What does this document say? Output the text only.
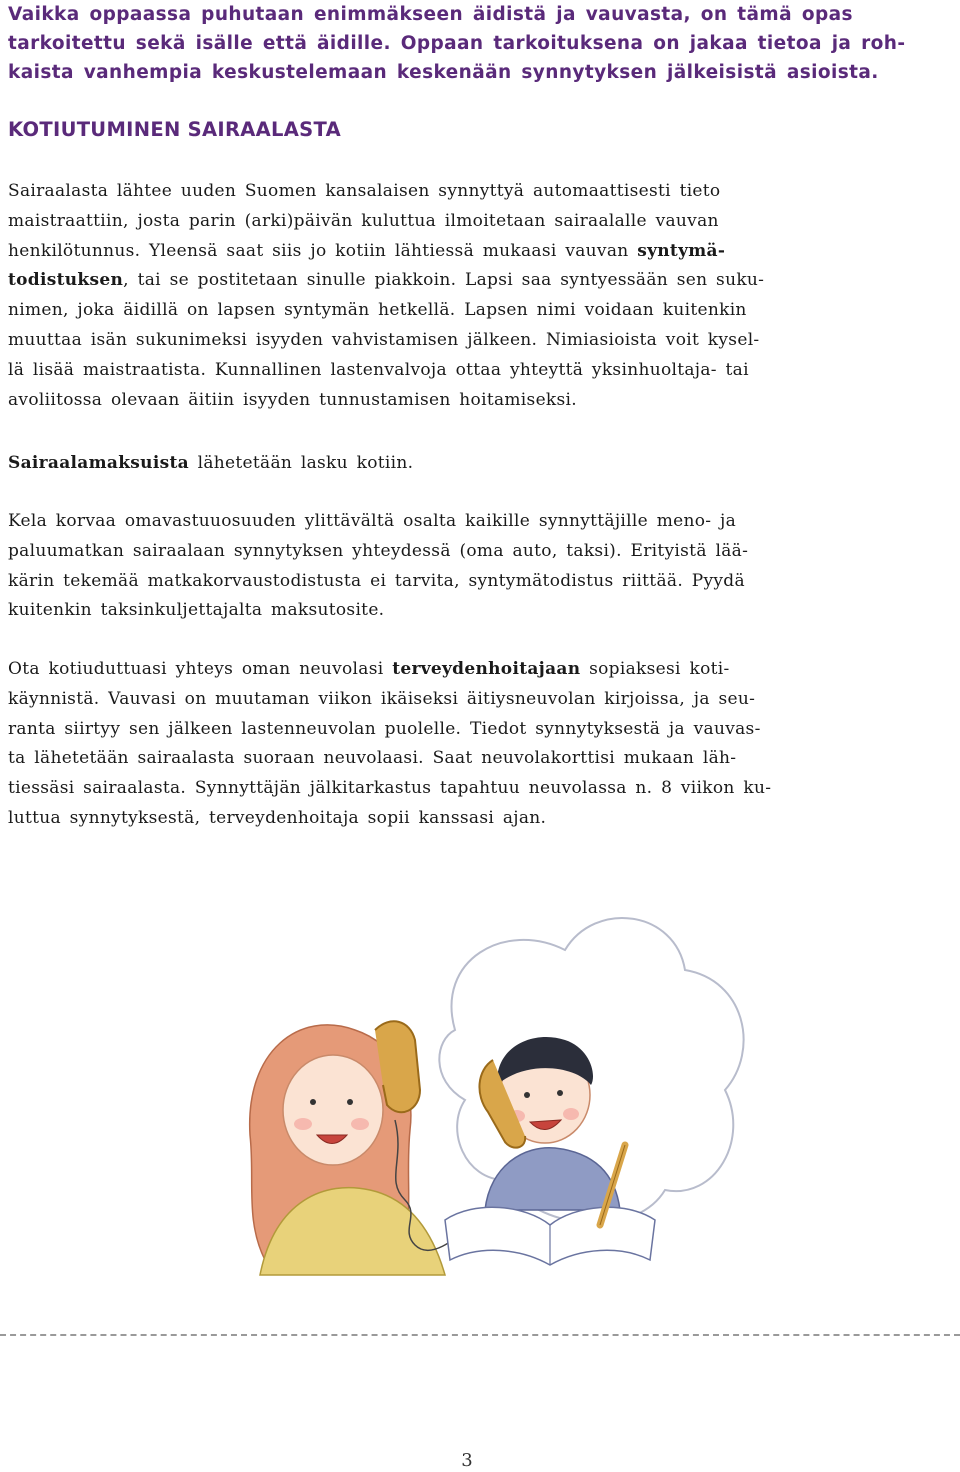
Vaikka oppaassa puhutaan enimmäkseen äidistä ja vauvasta, on tämä opas
tarkoitettu sekä isälle että äidille. Oppaan tarkoituksena on jakaa tietoa ja roh-
kaista vanhempia keskustelemaan keskenään synnytyksen jälkeisistä asioista.
KOTIUTUMINEN SAIRAALASTA
Sairaalasta lähtee uuden Suomen kansalaisen synnyttyä automaattisesti tieto
maistraattiin, josta parin (arki)päivän kuluttua ilmoitetaan sairaalalle vauvan
henkilötunnus. Yleensä saat siis jo kotiin lähtiessä mukaasi vauvan syntymä-
todistuksen, tai se postitetaan sinulle piakkoin. Lapsi saa syntyessään sen suku-
nimen, joka äidillä on lapsen syntymän hetkellä. Lapsen nimi voidaan kuitenkin
muuttaa isän sukunimeksi isyyden vahvistamisen jälkeen. Nimiasioista voit kysel-
lä lisää maistraatista. Kunnallinen lastenvalvoja ottaa yhteyttä yksinhuoltaja- tai
avoliitossa olevaan äitiin isyyden tunnustamisen hoitamiseksi.
Sairaalamaksuista lähetetään lasku kotiin.
Kela korvaa omavastuuosuuden ylittävältä osalta kaikille synnyttäjille meno- ja
paluumatkan sairaalaan synnytyksen yhteydessä (oma auto, taksi). Erityistä lää-
kärin tekemää matkakorvaustodistusta ei tarvita, syntymätodistus riittää. Pyydä
kuitenkin taksinkuljettajalta maksutosite.
Ota kotiuduttuasi yhteys oman neuvolasi terveydenhoitajaan sopiaksesi koti-
käynnistä. Vauvasi on muutaman viikon ikäiseksi äitiysneuvolan kirjoissa, ja seu-
ranta siirtyy sen jälkeen lastenneuvolan puolelle. Tiedot synnytyksestä ja vauvas-
ta lähetetään sairaalasta suoraan neuvolaasi. Saat neuvolakorttisi mukaan läh-
tiessäsi sairaalasta. Synnyttäjän jälkitarkastus tapahtuu neuvolassa n. 8 viikon ku-
luttua synnytyksestä, terveydenhoitaja sopii kanssasi ajan.
3
